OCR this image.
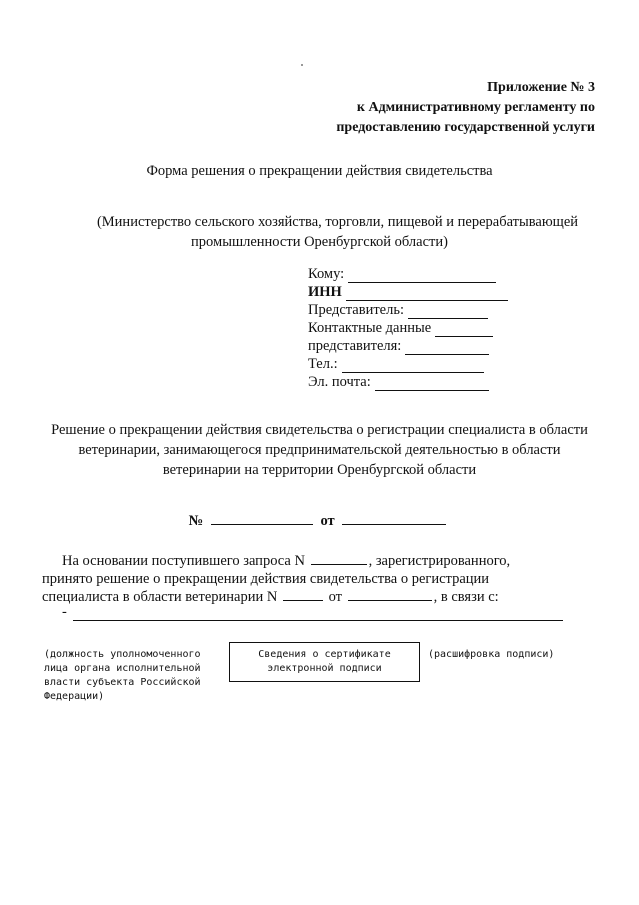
Приложение № 3
к Административному регламенту по
предоставлению государственной услуги
Форма решения о прекращении действия свидетельства
(Министерство сельского хозяйства, торговли, пищевой и перерабатывающей
промышленности Оренбургской области)
Кому:
ИНН
Представитель:
Контактные данные
представителя:
Тел.:
Эл. почта:
Решение о прекращении действия свидетельства о регистрации специалиста в области
ветеринарии, занимающегося предпринимательской деятельностью в области
ветеринарии на территории Оренбургской области
№	от
На основании поступившего запроса N	, зарегистрированного,
принято решение о прекращении действия свидетельства о регистрации
специалиста в области ветеринарии N	от	, в связи с:
-
(должность уполномоченного
лица органа исполнительной
власти субъекта Российской
Федерации)
Сведения о сертификате
электронной подписи
(расшифровка подписи)
